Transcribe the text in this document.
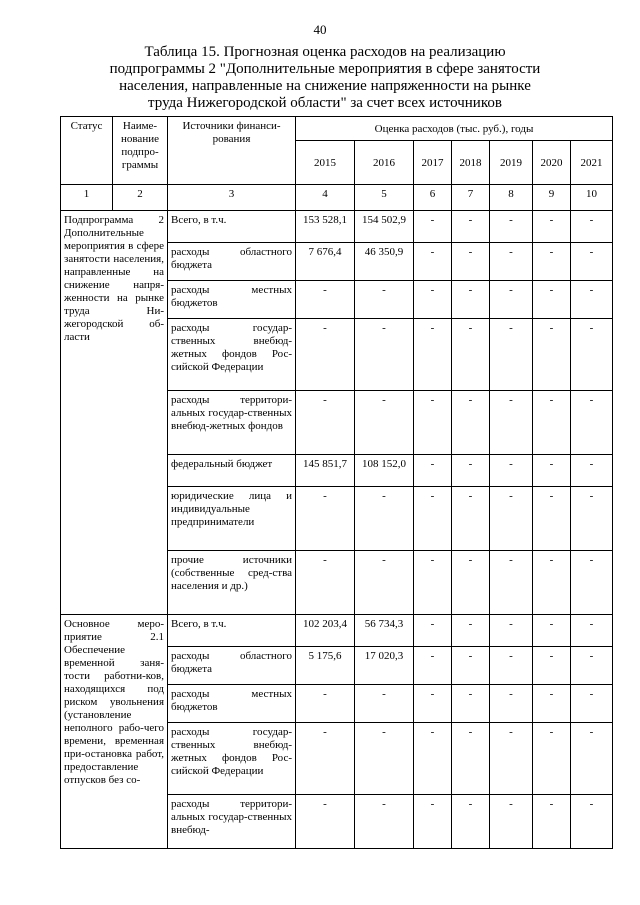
40
Таблица 15. Прогнозная оценка расходов на реализацию
подпрограммы 2 "Дополнительные мероприятия в сфере занятости
населения, направленные на снижение напряженности на рынке
труда Нижегородской области" за счет всех источников
Статус	Наиме-нование подпро-граммы	Источники финанси-рования	Оценка расходов (тыс. руб.), годы						
			2015	2016	2017	2018	2019	2020	2021
1	2	3	4	5	6	7	8	9	10
Подпрограмма 2 Дополнительные мероприятия в сфере занятости населения, направленные на снижение напря-женности на рынке труда Ни-жегородской об-ласти		Всего, в т.ч.	153 528,1	154 502,9	-	-	-	-	-
		расходы областного бюджета	7 676,4	46 350,9	-	-	-	-	-
		расходы местных бюджетов	-	-	-	-	-	-	-
		расходы государ-ственных внебюд-жетных фондов Рос-сийской Федерации	-	-	-	-	-	-	-
		расходы территори-альных государ-ственных внебюд-жетных фондов	-	-	-	-	-	-	-
		федеральный бюджет	145 851,7	108 152,0	-	-	-	-	-
		юридические лица и индивидуальные предприниматели	-	-	-	-	-	-	-
		прочие источники (собственные сред-ства населения и др.)	-	-	-	-	-	-	-
Основное меро-приятие 2.1 Обеспечение временной заня-тости работни-ков, находящихся под риском увольнения (установление неполного рабо-чего времени, временная при-остановка работ, предоставление отпусков без со-		Всего, в т.ч.	102 203,4	56 734,3	-	-	-	-	-
		расходы областного бюджета	5 175,6	17 020,3	-	-	-	-	-
		расходы местных бюджетов	-	-	-	-	-	-	-
		расходы государ-ственных внебюд-жетных фондов Рос-сийской Федерации	-	-	-	-	-	-	-
		расходы территори-альных государ-ственных внебюд-	-	-	-	-	-	-	-
